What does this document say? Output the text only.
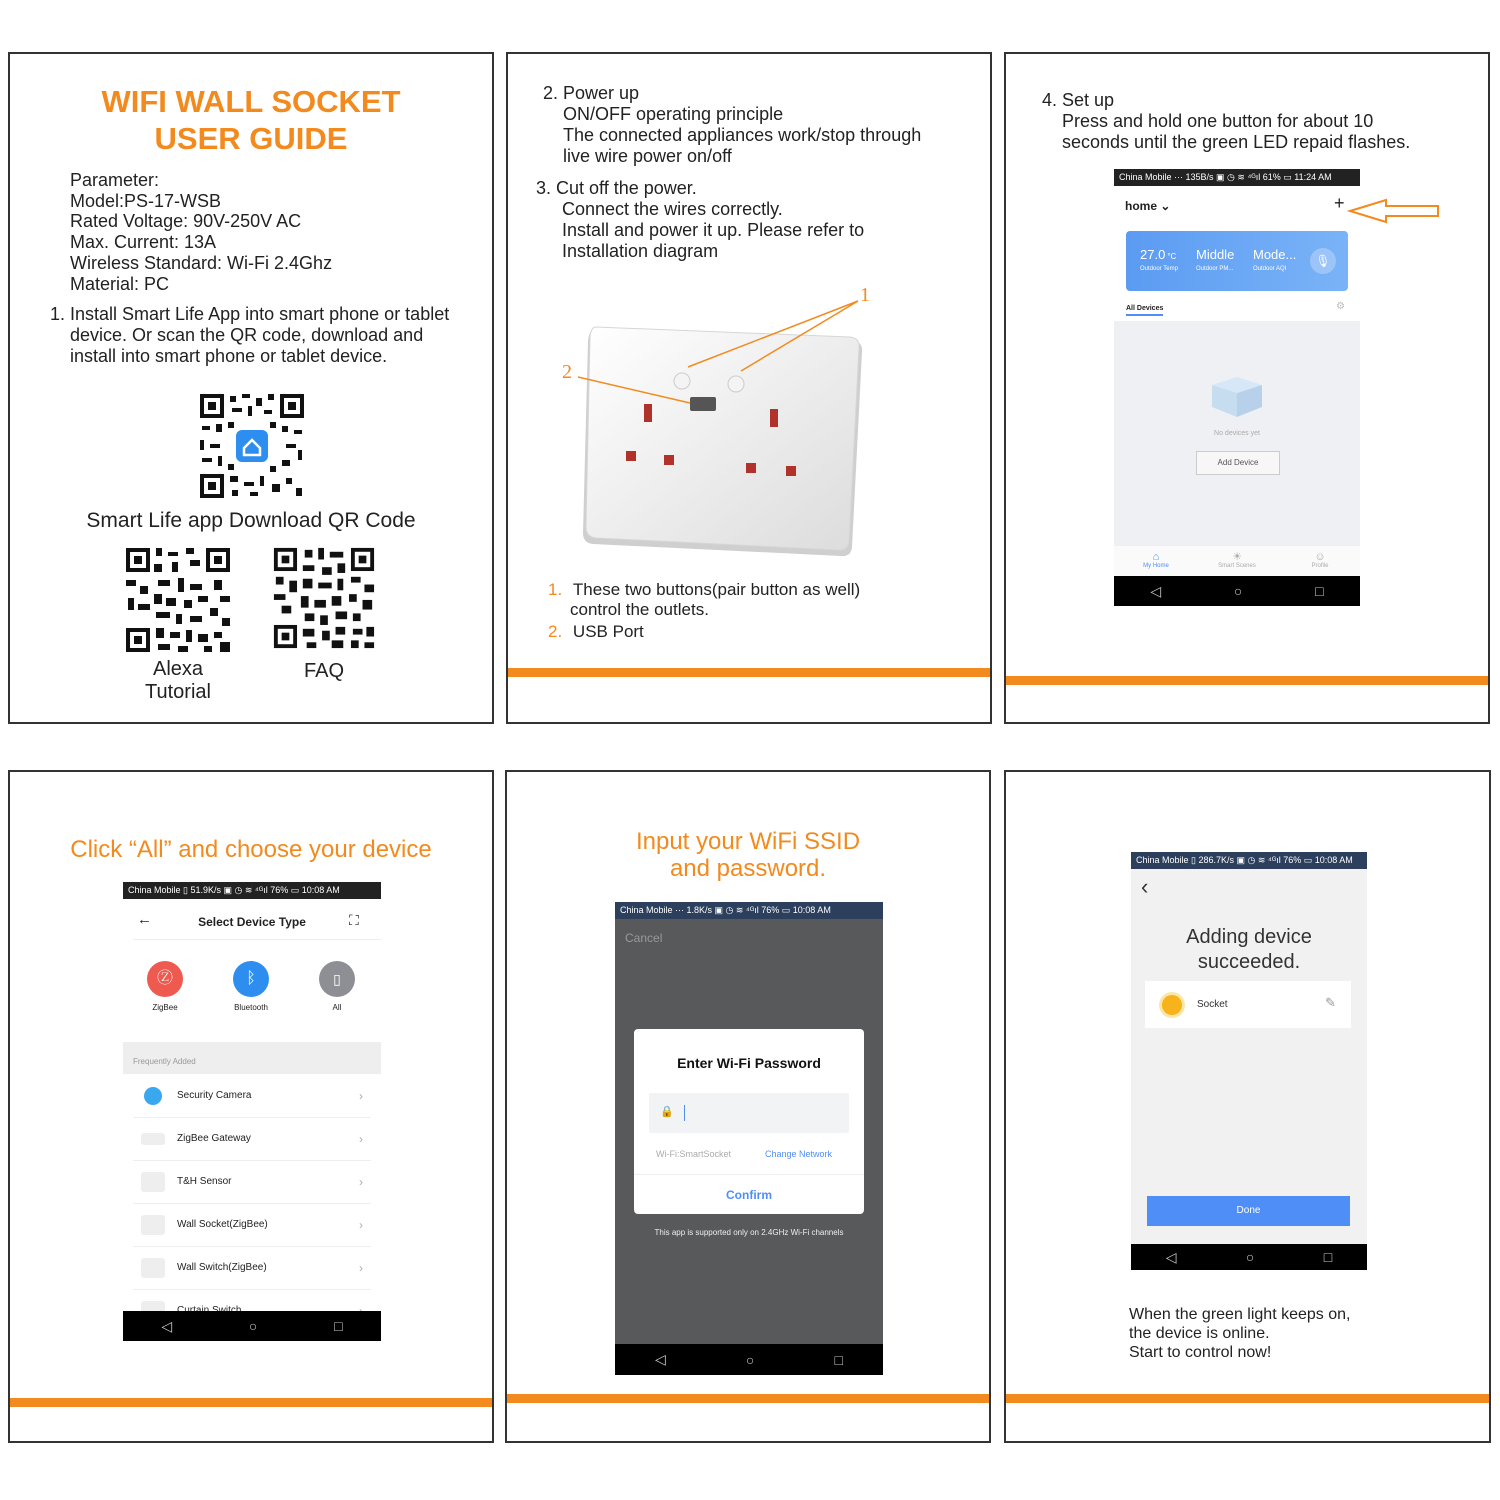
WIFI WALL SOCKET
USER GUIDE
Parameter:
Model:PS-17-WSB
Rated Voltage: 90V-250V AC
Max. Current: 13A
Wireless Standard: Wi-Fi 2.4Ghz
Material: PC
1. Install Smart Life App into smart phone or tablet
device. Or scan the QR code, download and
install into smart phone or tablet device.
Smart Life app Download QR Code
Alexa Tutorial
FAQ
2. Power up
ON/OFF operating principle
The connected appliances work/stop through
live wire power on/off
3. Cut off the power.
Connect the wires correctly.
Install and power it up. Please refer to
Installation diagram
1
2
1. These two buttons(pair button as well)
control the outlets.
2. USB Port
4. Set up
Press and hold one button for about 10
seconds until the green LED repaid flashes.
China Mobile ··· 135B/s ▣ ◷ ≋ ⁴ᴳıl 61% ▭ 11:24 AM
home ⌄	+
27.0 °C
Outdoor Temp
Middle
Outdoor PM...
Mode...
Outdoor AQI
🎙
All Devices	⚙
No devices yet
Add Device
⌂
My Home
☀
Smart Scenes
☺
Profile
◁	○	□
Click “All” and choose your device
China Mobile ▯ 51.9K/s ▣ ◷ ≋ ⁴ᴳıl 76% ▭ 10:08 AM
←	Select Device Type	⛶
Ⓩ
ZigBee
ᛒ
Bluetooth
▯
All
Frequently Added
Security Camera	›
ZigBee Gateway	›
T&H Sensor	›
Wall Socket(ZigBee)	›
Wall Switch(ZigBee)	›
◁	○	□
Input your WiFi SSID
and password.
China Mobile ··· 1.8K/s ▣ ◷ ≋ ⁴ᴳıl 76% ▭ 10:08 AM
Cancel
Enter Wi-Fi Password
🔒
Wi-Fi:SmartSocket	Change Network
Confirm
This app is supported only on 2.4GHz Wi-Fi channels
◁	○	□
China Mobile ▯ 286.7K/s ▣ ◷ ≋ ⁴ᴳıl 76% ▭ 10:08 AM
‹
Adding device
succeeded.
Socket	✎
Done
◁	○	□
When the green light keeps on,
the device is online.
Start to control now!
